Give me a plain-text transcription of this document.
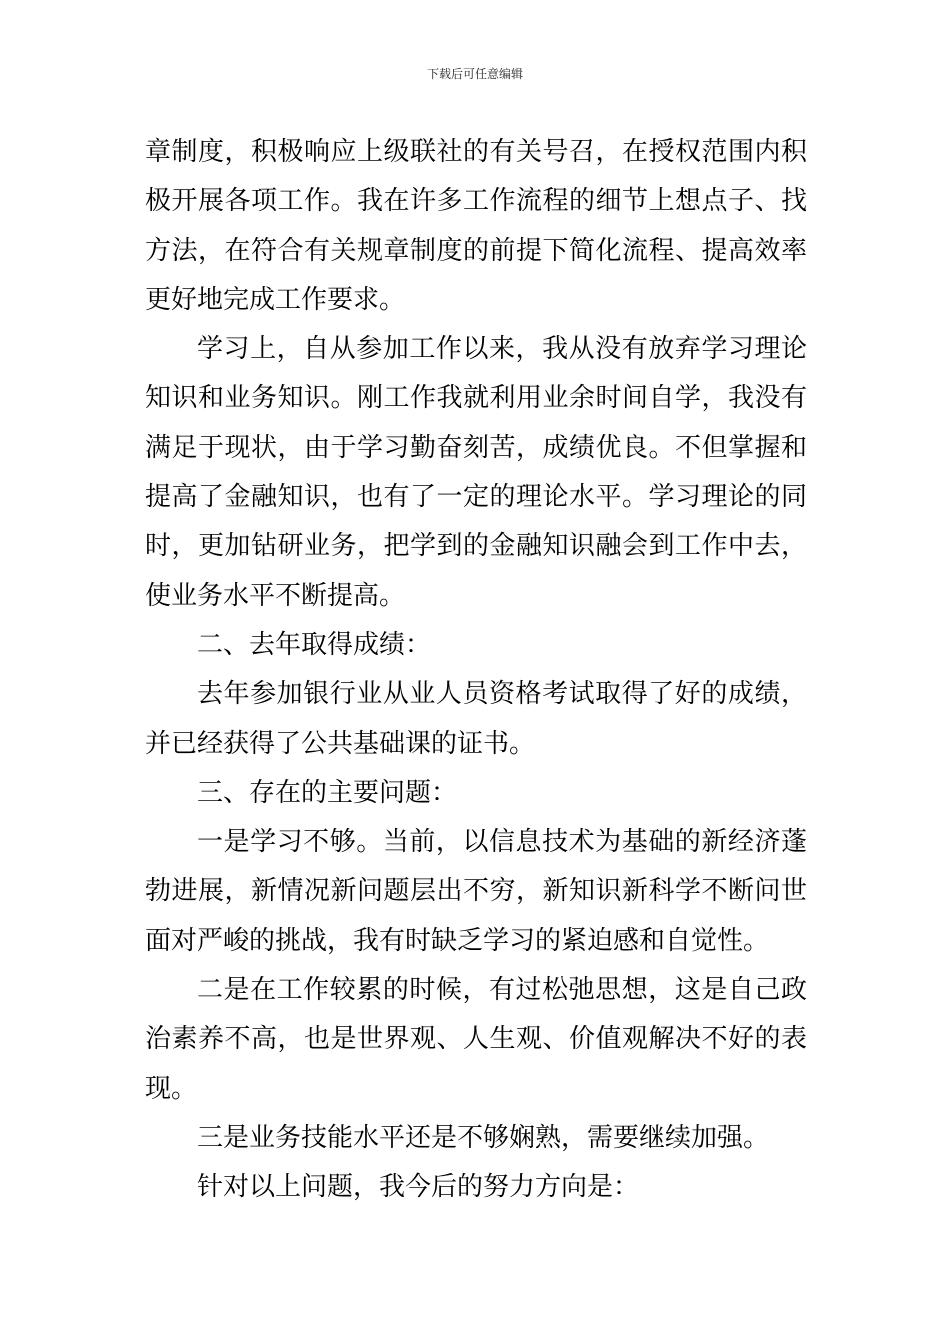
下载后可任意编辑
章制度，积极响应上级联社的有关号召，在授权范围内积
极开展各项工作。我在许多工作流程的细节上想点子、找
方法，在符合有关规章制度的前提下简化流程、提高效率
更好地完成工作要求。
学习上，自从参加工作以来，我从没有放弃学习理论
知识和业务知识。刚工作我就利用业余时间自学，我没有
满足于现状，由于学习勤奋刻苦，成绩优良。不但掌握和
提高了金融知识，也有了一定的理论水平。学习理论的同
时，更加钻研业务，把学到的金融知识融会到工作中去，
使业务水平不断提高。
二、去年取得成绩：
去年参加银行业从业人员资格考试取得了好的成绩，
并已经获得了公共基础课的证书。
三、存在的主要问题：
一是学习不够。当前，以信息技术为基础的新经济蓬
勃进展，新情况新问题层出不穷，新知识新科学不断问世
面对严峻的挑战，我有时缺乏学习的紧迫感和自觉性。
二是在工作较累的时候，有过松弛思想，这是自己政
治素养不高，也是世界观、人生观、价值观解决不好的表
现。
三是业务技能水平还是不够娴熟，需要继续加强。
针对以上问题，我今后的努力方向是：
